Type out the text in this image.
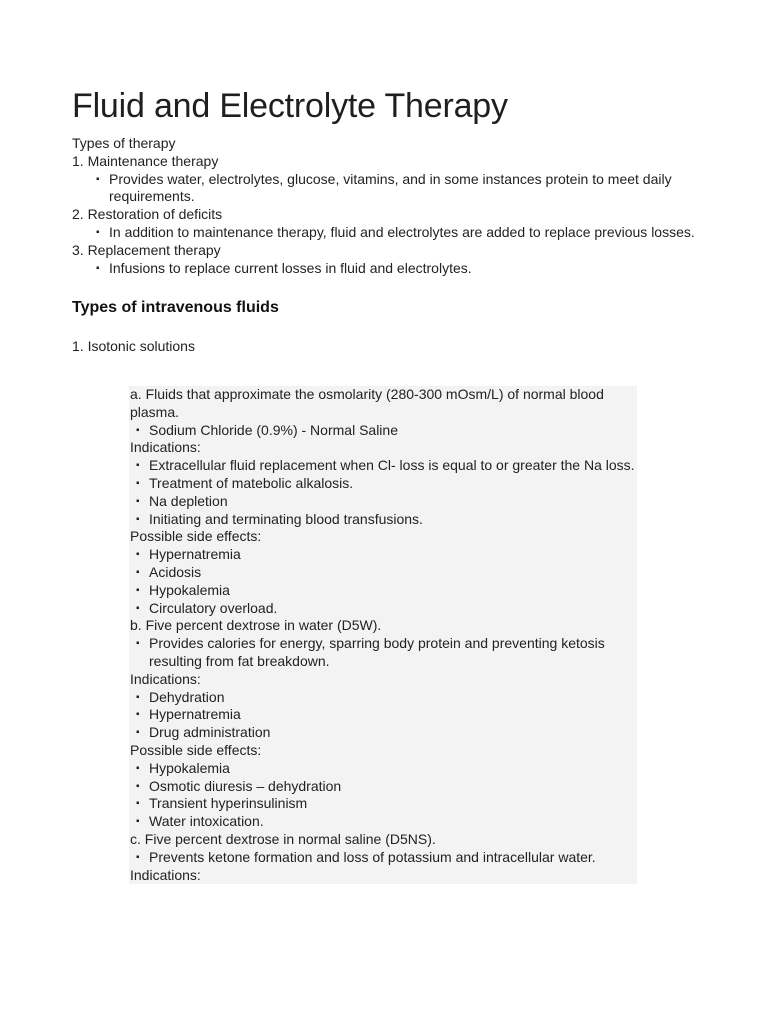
Fluid and Electrolyte Therapy
Types of therapy
1. Maintenance therapy
▪ Provides water, electrolytes, glucose, vitamins, and in some instances protein to meet daily requirements.
2. Restoration of deficits
▪ In addition to maintenance therapy, fluid and electrolytes are added to replace previous losses.
3. Replacement therapy
▪ Infusions to replace current losses in fluid and electrolytes.
Types of intravenous fluids
1. Isotonic solutions
a. Fluids that approximate the osmolarity (280-300 mOsm/L) of normal blood plasma.
▪ Sodium Chloride (0.9%) - Normal Saline
Indications:
▪ Extracellular fluid replacement when Cl- loss is equal to or greater the Na loss.
▪ Treatment of matebolic alkalosis.
▪ Na depletion
▪ Initiating and terminating blood transfusions.
Possible side effects:
▪ Hypernatremia
▪ Acidosis
▪ Hypokalemia
▪ Circulatory overload.
b. Five percent dextrose in water (D5W).
▪ Provides calories for energy, sparring body protein and preventing ketosis resulting from fat breakdown.
Indications:
▪ Dehydration
▪ Hypernatremia
▪ Drug administration
Possible side effects:
▪ Hypokalemia
▪ Osmotic diuresis – dehydration
▪ Transient hyperinsulinism
▪ Water intoxication.
c. Five percent dextrose in normal saline (D5NS).
▪ Prevents ketone formation and loss of potassium and intracellular water.
Indications:
